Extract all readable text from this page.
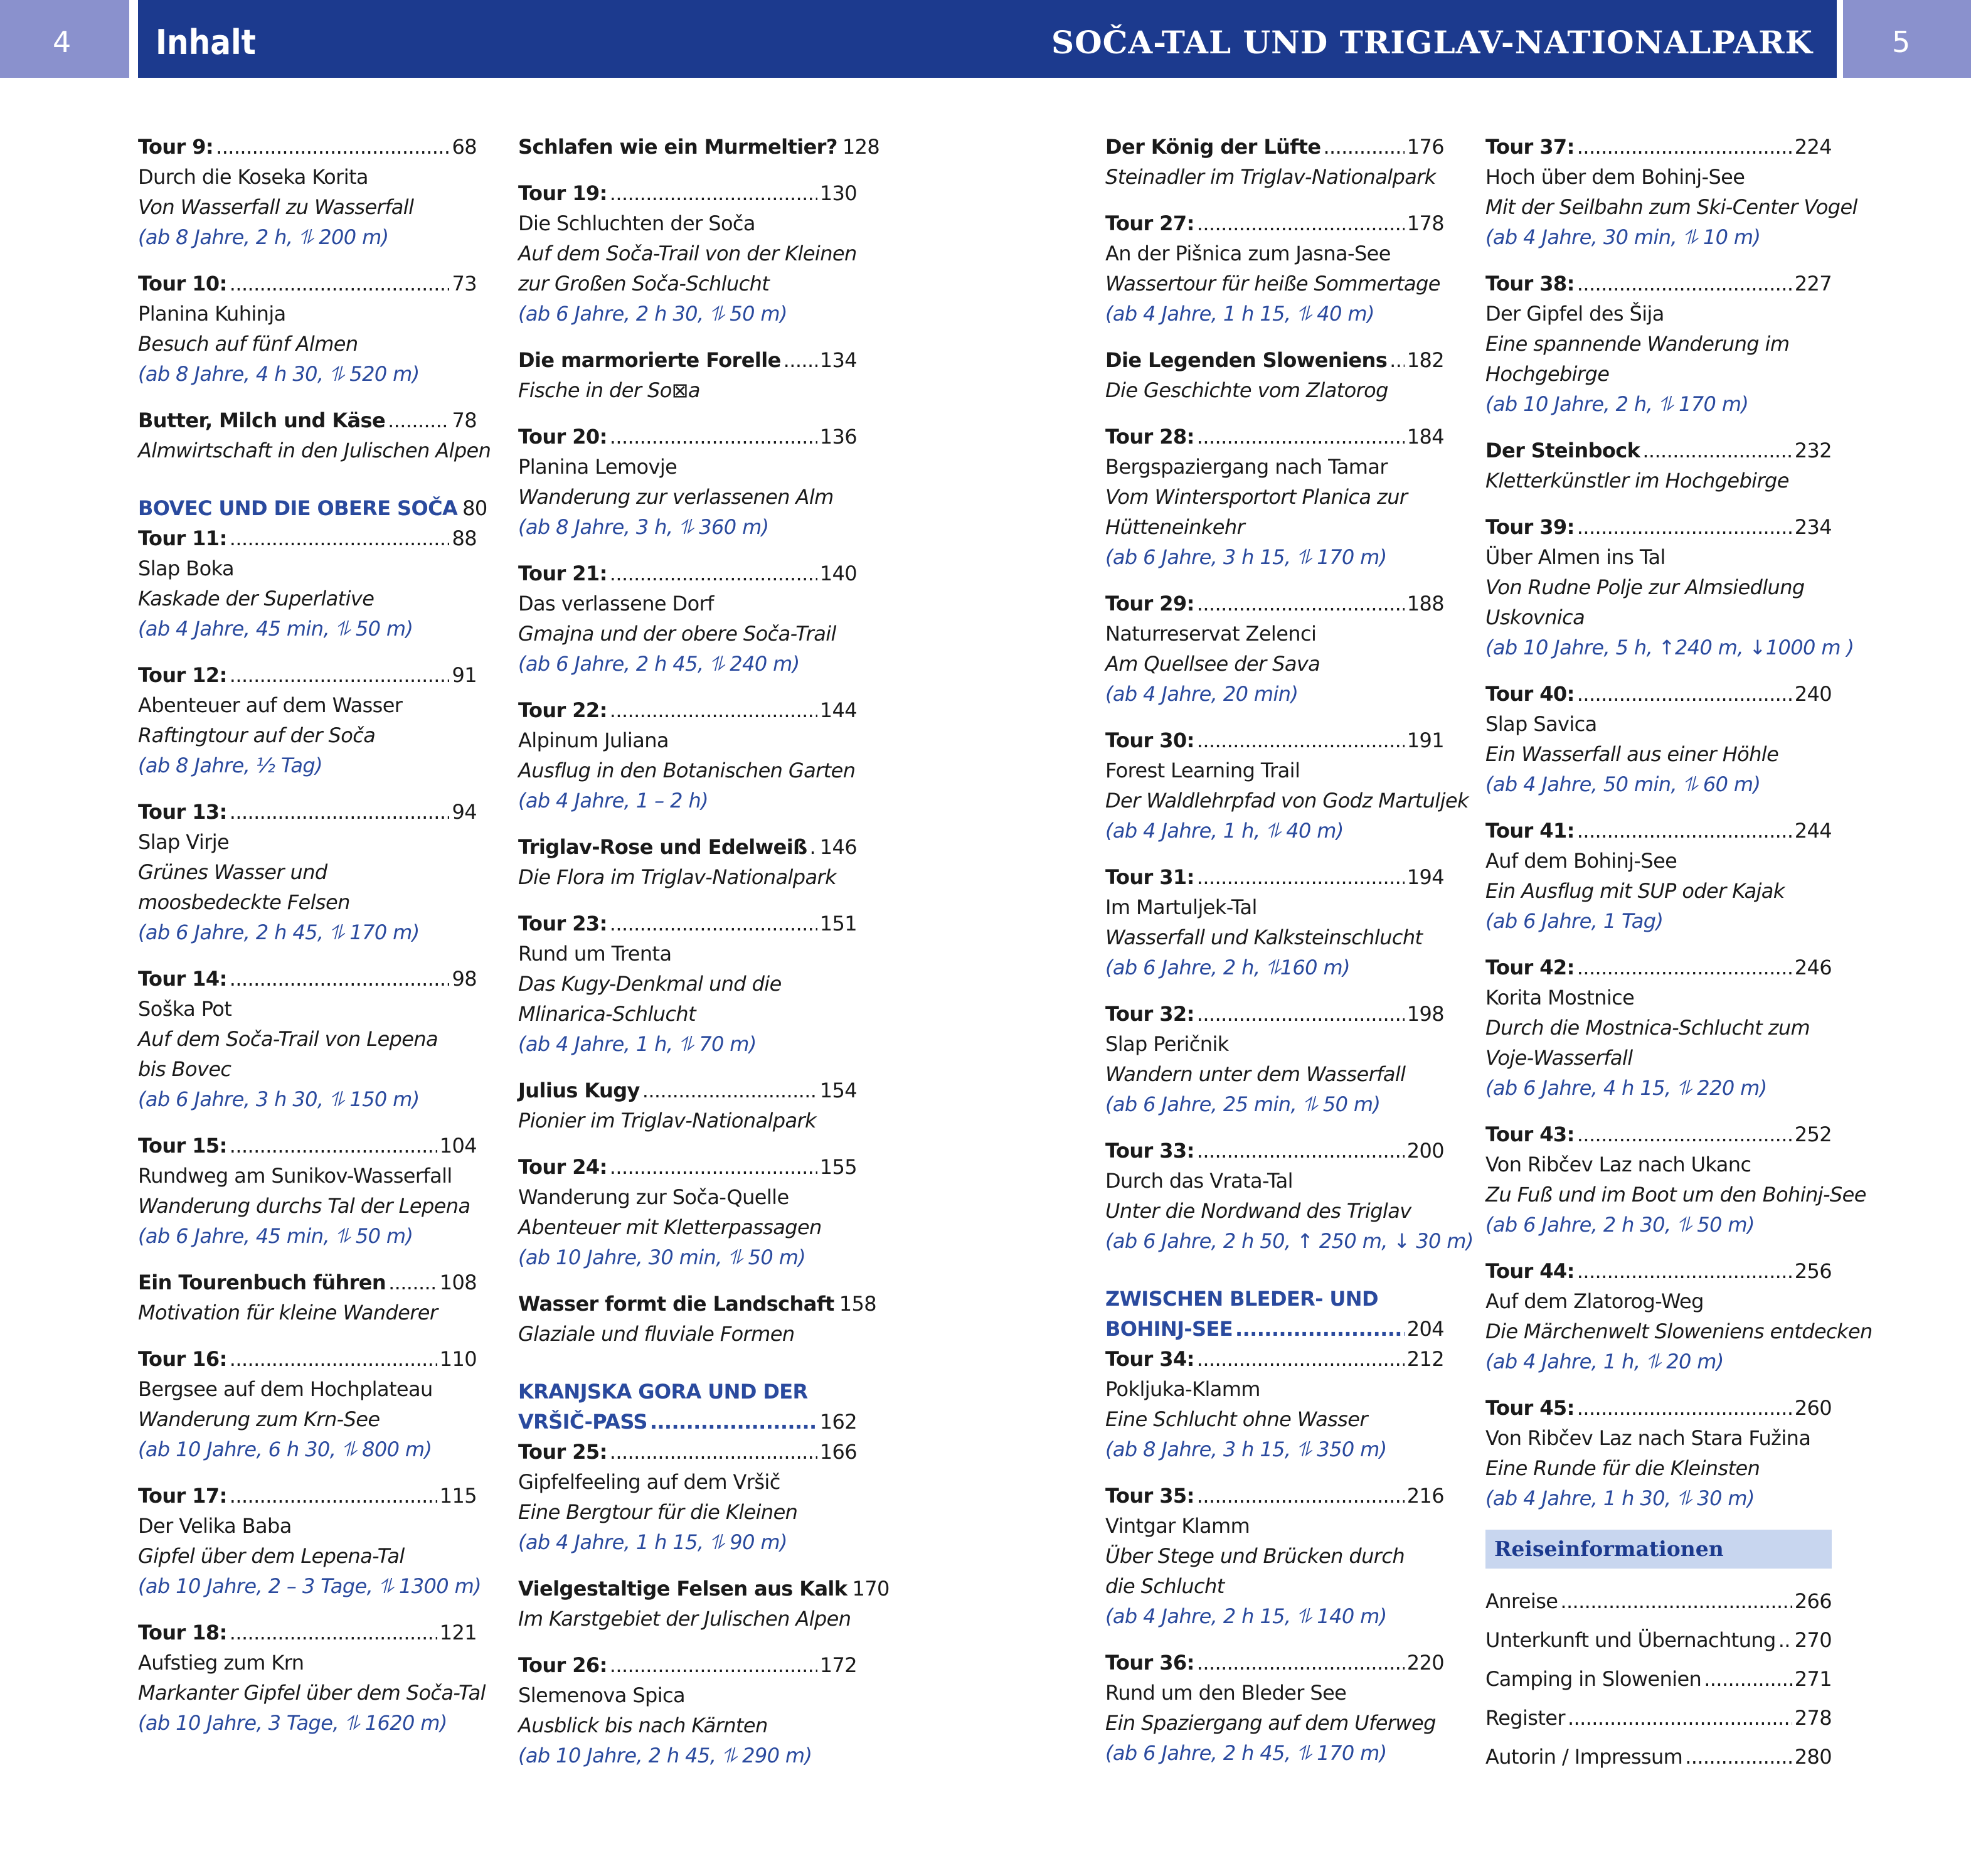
4 Inhalt	SOČA-TAL UND TRIGLAV-NATIONALPARK	5
Tour 9: .....	68
Durch die Koseka Korita
Von Wasserfall zu Wasserfall
(ab 8 Jahre, 2 h, ⥮ 200 m)
Tour 10: .....	73
Planina Kuhinja
Besuch auf fünf Almen
(ab 8 Jahre, 4 h 30, ⥮ 520 m)
Butter, Milch und Käse .....	78
Almwirtschaft in den Julischen Alpen
BOVEC UND DIE OBERE SOČA 80
Tour 11: .....	88
Slap Boka
Kaskade der Superlative
(ab 4 Jahre, 45 min, ⥮ 50 m)
Tour 12: .....	91
Abenteuer auf dem Wasser
Raftingtour auf der Soča
(ab 8 Jahre, ½ Tag)
Tour 13: .....	94
Slap Virje
Grünes Wasser und
moosbedeckte Felsen
(ab 6 Jahre, 2 h 45, ⥮ 170 m)
Tour 14: .....	98
Soška Pot
Auf dem Soča-Trail von Lepena
bis Bovec
(ab 6 Jahre, 3 h 30, ⥮ 150 m)
Tour 15: .....	104
Rundweg am Sunikov-Wasserfall
Wanderung durchs Tal der Lepena
(ab 6 Jahre, 45 min, ⥮ 50 m)
Ein Tourenbuch führen .....	108
Motivation für kleine Wanderer
Tour 16: .....	110
Bergsee auf dem Hochplateau
Wanderung zum Krn-See
(ab 10 Jahre, 6 h 30, ⥮ 800 m)
Tour 17: .....	115
Der Velika Baba
Gipfel über dem Lepena-Tal
(ab 10 Jahre, 2 – 3 Tage, ⥮ 1300 m)
Tour 18: .....	121
Aufstieg zum Krn
Markanter Gipfel über dem Soča-Tal
(ab 10 Jahre, 3 Tage, ⥮ 1620 m)
Schlafen wie ein Murmeltier? 128
Tour 19: .....	130
Die Schluchten der Soča
Auf dem Soča-Trail von der Kleinen
zur Großen Soča-Schlucht
(ab 6 Jahre, 2 h 30, ⥮ 50 m)
Die marmorierte Forelle ..... 134
Fische in der So⊠a
Tour 20: .....	136
Planina Lemovje
Wanderung zur verlassenen Alm
(ab 8 Jahre, 3 h, ⥮ 360 m)
Tour 21: .....	140
Das verlassene Dorf
Gmajna und der obere Soča-Trail
(ab 6 Jahre, 2 h 45, ⥮ 240 m)
Tour 22: .....	144
Alpinum Juliana
Ausflug in den Botanischen Garten
(ab 4 Jahre, 1 – 2 h)
Triglav-Rose und Edelweiß ..... 146
Die Flora im Triglav-Nationalpark
Tour 23: .....	151
Rund um Trenta
Das Kugy-Denkmal und die
Mlinarica-Schlucht
(ab 4 Jahre, 1 h, ⥮ 70 m)
Julius Kugy .....	154
Pionier im Triglav-Nationalpark
Tour 24: .....	155
Wanderung zur Soča-Quelle
Abenteuer mit Kletterpassagen
(ab 10 Jahre, 30 min, ⥮ 50 m)
Wasser formt die Landschaft 158
Glaziale und fluviale Formen
KRANJSKA GORA UND DER
VRŠIČ-PASS .....	162
Tour 25: .....	166
Gipfelfeeling auf dem Vršič
Eine Bergtour für die Kleinen
(ab 4 Jahre, 1 h 15, ⥮ 90 m)
Vielgestaltige Felsen aus Kalk 170
Im Karstgebiet der Julischen Alpen
Tour 26: .....	172
Slemenova Spica
Ausblick bis nach Kärnten
(ab 10 Jahre, 2 h 45, ⥮ 290 m)
Der König der Lüfte .....	176
Steinadler im Triglav-Nationalpark
Tour 27: .....	178
An der Pišnica zum Jasna-See
Wassertour für heiße Sommertage
(ab 4 Jahre, 1 h 15, ⥮ 40 m)
Die Legenden Sloweniens ..... 182
Die Geschichte vom Zlatorog
Tour 28: .....	184
Bergspaziergang nach Tamar
Vom Wintersportort Planica zur
Hütteneinkehr
(ab 6 Jahre, 3 h 15, ⥮ 170 m)
Tour 29: .....	188
Naturreservat Zelenci
Am Quellsee der Sava
(ab 4 Jahre, 20 min)
Tour 30: .....	191
Forest Learning Trail
Der Waldlehrpfad von Godz Martuljek
(ab 4 Jahre, 1 h, ⥮ 40 m)
Tour 31: .....	194
Im Martuljek-Tal
Wasserfall und Kalksteinschlucht
(ab 6 Jahre, 2 h, ⥮160 m)
Tour 32: .....	198
Slap Peričnik
Wandern unter dem Wasserfall
(ab 6 Jahre, 25 min, ⥮ 50 m)
Tour 33: .....	200
Durch das Vrata-Tal
Unter die Nordwand des Triglav
(ab 6 Jahre, 2 h 50, ↑ 250 m, ↓ 30 m)
ZWISCHEN BLEDER- UND
BOHINJ-SEE .....	204
Tour 34: .....	212
Pokljuka-Klamm
Eine Schlucht ohne Wasser
(ab 8 Jahre, 3 h 15, ⥮ 350 m)
Tour 35: .....	216
Vintgar Klamm
Über Stege und Brücken durch
die Schlucht
(ab 4 Jahre, 2 h 15, ⥮ 140 m)
Tour 36: .....	220
Rund um den Bleder See
Ein Spaziergang auf dem Uferweg
(ab 6 Jahre, 2 h 45, ⥮ 170 m)
Tour 37: .....	224
Hoch über dem Bohinj-See
Mit der Seilbahn zum Ski-Center Vogel
(ab 4 Jahre, 30 min, ⥮ 10 m)
Tour 38: .....	227
Der Gipfel des Šija
Eine spannende Wanderung im
Hochgebirge
(ab 10 Jahre, 2 h, ⥮ 170 m)
Der Steinbock .....	232
Kletterkünstler im Hochgebirge
Tour 39: .....	234
Über Almen ins Tal
Von Rudne Polje zur Almsiedlung
Uskovnica
(ab 10 Jahre, 5 h, ↑240 m, ↓1000 m )
Tour 40: .....	240
Slap Savica
Ein Wasserfall aus einer Höhle
(ab 4 Jahre, 50 min, ⥮ 60 m)
Tour 41: .....	244
Auf dem Bohinj-See
Ein Ausflug mit SUP oder Kajak
(ab 6 Jahre, 1 Tag)
Tour 42: .....	246
Korita Mostnice
Durch die Mostnica-Schlucht zum
Voje-Wasserfall
(ab 6 Jahre, 4 h 15, ⥮ 220 m)
Tour 43: .....	252
Von Ribčev Laz nach Ukanc
Zu Fuß und im Boot um den Bohinj-See
(ab 6 Jahre, 2 h 30, ⥮ 50 m)
Tour 44: .....	256
Auf dem Zlatorog-Weg
Die Märchenwelt Sloweniens entdecken
(ab 4 Jahre, 1 h, ⥮ 20 m)
Tour 45: .....	260
Von Ribčev Laz nach Stara Fužina
Eine Runde für die Kleinsten
(ab 4 Jahre, 1 h 30, ⥮ 30 m)
Reiseinformationen
Anreise .....	266
Unterkunft und Übernachtung ..... 270
Camping in Slowenien .....	271
Register .....	278
Autorin / Impressum .....	280
